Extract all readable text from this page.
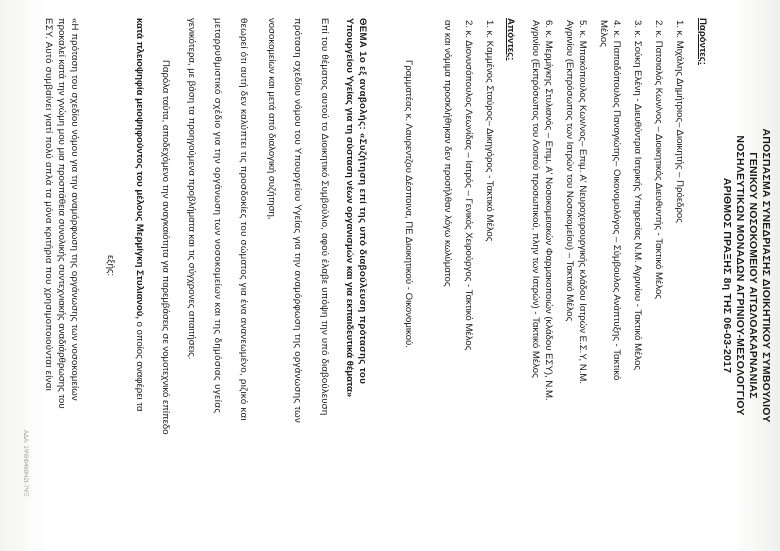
ΑΠΟΣΠΑΣΜΑ ΣΥΝΕΔΡΙΑΣΗΣ ΔΙΟΙΚΗΤΙΚΟΥ ΣΥΜΒΟΥΛΙΟΥ
ΓΕΝΙΚΟΥ ΝΟΣΟΚΟΜΕΙΟΥ ΑΙΤΩΛΟΑΚΑΡΝΑΝΙΑΣ
ΝΟΣΗΛΕΥΤΙΚΩΝ ΜΟΝΑΔΩΝ ΑΓΡΙΝΙΟΥ-ΜΕΣΟΛΟΓΓΙΟΥ
ΑΡΙΘΜΟΣ ΠΡΑΞΗΣ 8η ΤΗΣ 06-03-2017
Παρόντες:
1. κ. Μιχάλης Δημήτριος– Διοικητής – Πρόεδρος
2. κ. Πατσιαλός Κων/νος – Διοικητικός Διευθυντής - Τακτικό Μέλος
3. κ. Σούκη Ελένη - Διευθύντρια Ιατρικής Υπηρεσίας Ν.Μ. Αγρινίου - Τακτικό Μέλος
4. κ. Παπαδόπουλος Παναγιώτης– Οικονομολόγος – Σύμβουλος Ανάπτυξης - Τακτικό
Μέλος
5. κ. Μπακόπουλος Κων/νος– Επιμ. Α' Νευροχειρουργικής κλάδου Ιατρών Ε.Σ.Υ, Ν.Μ.
Αγρινίου (Εκπρόσωπος των Ιατρών του Νοσοκομείου) – Τακτικό Μέλος
6. κ. Μερμίγκης Στυλιανός – Επιμ. Α' Νοσοκομειακών Φαρμακοποιών (κλάδου ΕΣΥ), Ν.Μ.
Αγρινίου (Εκπρόσωπος του Λοιπού προσωπικού, πλην των Ιατρών) - Τακτικό Μέλος
Απόντες:
1. κ. Καμμένος Σταύρος– Δικηγόρος - Τακτικό Μέλος
2. κ. Διονυσόπουλος Λεωνίδας – Ιατρός – Γενικός Χειρούργος - Τακτικό Μέλος
αν και νόμιμα προσκλήθηκαν δεν προσήλθαν λόγω κωλύματος
Γραμματέας κ. Λαυρεντζου Δέσποινα, ΠΕ Διοικητικού - Οικονομικού.
ΘΕΜΑ 1ο εξ αναβολής: «Συζήτηση επί της υπό διαβούλευση πρότασης του
Υπουργείου Υγείας για τη σύσταση νέων οργανισμών και για εκπαιδευτικά θέματα»
Επί του θέματος αυτού το Διοικητικό Συμβούλιο, αφού έλαβε υπόψη την υπό διαβούλευση
πρόταση σχεδίου νόμου του Υπουργείου Υγείας για την αναμόρφωση της οργάνωσης των
νοσοκομείων και μετά από διαλογική συζήτηση,
θεωρεί ότι αυτή δεν καλύπτει τις προσδοκίες του σώματος για ένα ανανεωμένο, ριζικό και
μεταρρυθμιστικό σχέδιο για την οργάνωση των νοσοκομείων και της δημόσιας υγείας
γενικότερα, με βάση τα προηγούμενα προβλήματα και τις σύγχρονες απαιτήσεις.
Παρόλα ταύτα, αποδεχόμενο την αναγκαιότητα για παρεμβάσεις σε νομοτεχνικό επίπεδο
κατά πλειοψηφία μειοψηφούντος του μέλους Μερμίγκη Στυλιανού, ο οποίος αναφέρει τα
εξής:
«Η πρόταση του σχεδίου νόμου για την αναμόρφωση της οργάνωσης των νοσοκομείων
προκαλεί κατά την γνώμη μου μια προσπάθεια συνολικής συντεχνιακής αναδιάρθρωσης του
ΕΣΥ. Αυτό συμβαίνει γιατί πολύ απλά τα μόνα κριτήρια που χρησιμοποιούνται είναι
ΑΔΑ: 1ΨΘΦ469Η2Ι-7ΨΞ
